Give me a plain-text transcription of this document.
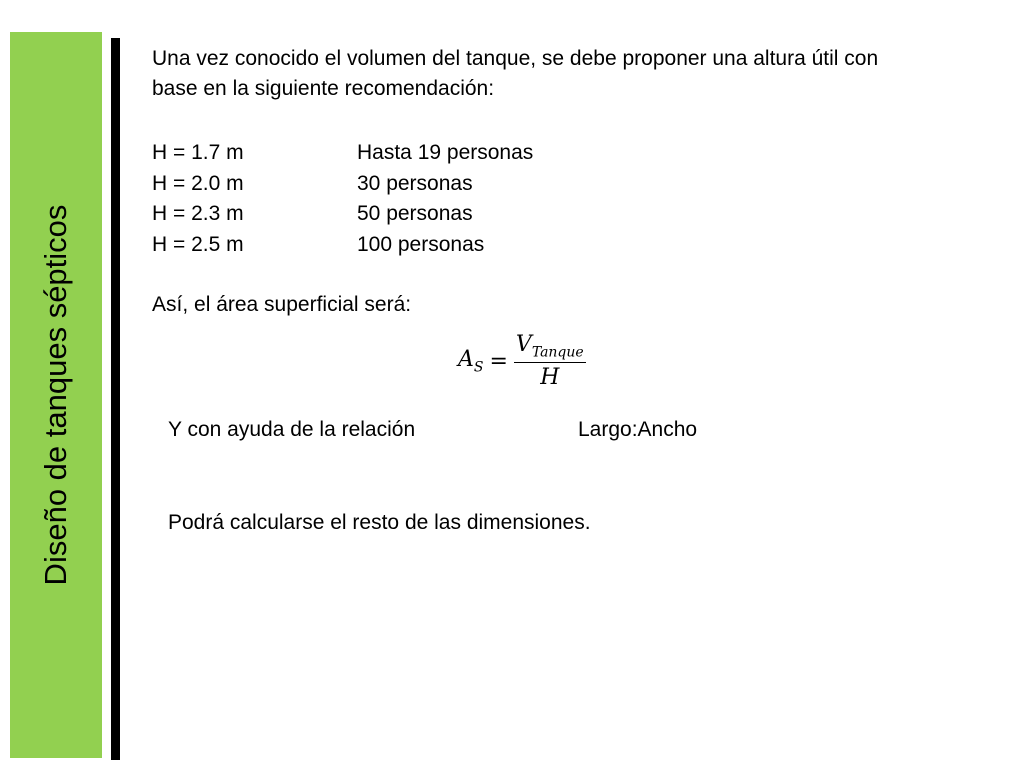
Diseño de tanques sépticos
Una vez conocido el volumen del tanque, se debe proponer una altura útil con
base en la siguiente recomendación:
H = 1.7 m	Hasta 19 personas
H = 2.0 m	30 personas
H = 2.3 m	50 personas
H = 2.5 m	100 personas
Así, el área superficial será:
$A_S = \frac{V_{Tanque}}{H}$
Y con ayuda de la relación	Largo:Ancho
Podrá calcularse el resto de las dimensiones.
